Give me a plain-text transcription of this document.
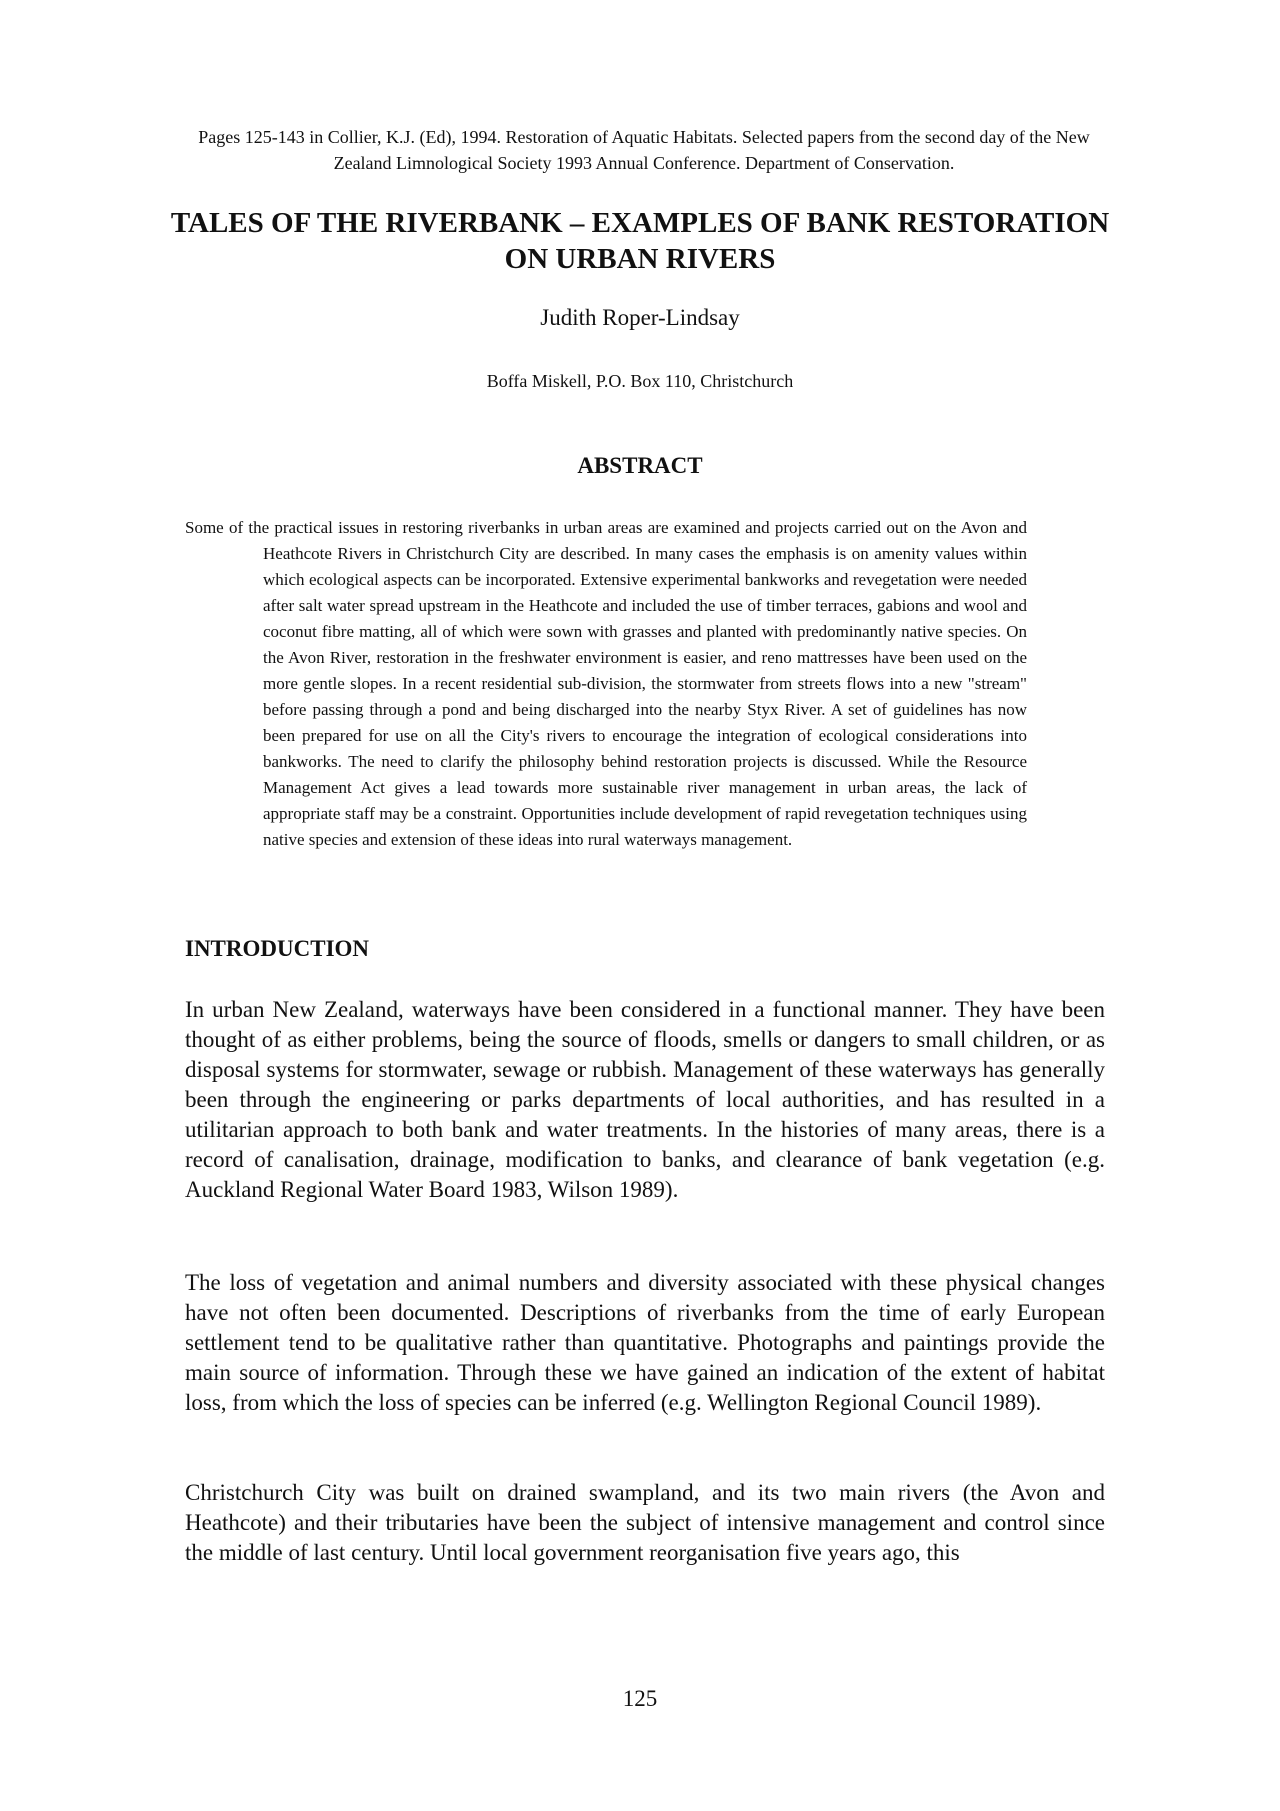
Pages 125-143 in Collier, K.J. (Ed), 1994. Restoration of Aquatic Habitats. Selected papers from the second day of the New Zealand Limnological Society 1993 Annual Conference. Department of Conservation.
TALES OF THE RIVERBANK – EXAMPLES OF BANK RESTORATION ON URBAN RIVERS
Judith Roper-Lindsay
Boffa Miskell, P.O. Box 110, Christchurch
ABSTRACT

Some of the practical issues in restoring riverbanks in urban areas are examined and projects carried out on the Avon and Heathcote Rivers in Christchurch City are described. In many cases the emphasis is on amenity values within which ecological aspects can be incorporated. Extensive experimental bankworks and revegetation were needed after salt water spread upstream in the Heathcote and included the use of timber terraces, gabions and wool and coconut fibre matting, all of which were sown with grasses and planted with predominantly native species. On the Avon River, restoration in the freshwater environment is easier, and reno mattresses have been used on the more gentle slopes. In a recent residential sub-division, the stormwater from streets flows into a new "stream" before passing through a pond and being discharged into the nearby Styx River. A set of guidelines has now been prepared for use on all the City's rivers to encourage the integration of ecological considerations into bankworks. The need to clarify the philosophy behind restoration projects is discussed. While the Resource Management Act gives a lead towards more sustainable river management in urban areas, the lack of appropriate staff may be a constraint. Opportunities include development of rapid revegetation techniques using native species and extension of these ideas into rural waterways management.

INTRODUCTION

In urban New Zealand, waterways have been considered in a functional manner. They have been thought of as either problems, being the source of floods, smells or dangers to small children, or as disposal systems for stormwater, sewage or rubbish. Management of these waterways has generally been through the engineering or parks departments of local authorities, and has resulted in a utilitarian approach to both bank and water treatments. In the histories of many areas, there is a record of canalisation, drainage, modification to banks, and clearance of bank vegetation (e.g. Auckland Regional Water Board 1983, Wilson 1989).

The loss of vegetation and animal numbers and diversity associated with these physical changes have not often been documented. Descriptions of riverbanks from the time of early European settlement tend to be qualitative rather than quantitative. Photographs and paintings provide the main source of information. Through these we have gained an indication of the extent of habitat loss, from which the loss of species can be inferred (e.g. Wellington Regional Council 1989).

Christchurch City was built on drained swampland, and its two main rivers (the Avon and Heathcote) and their tributaries have been the subject of intensive management and control since the middle of last century. Until local government reorganisation five years ago, this

125
